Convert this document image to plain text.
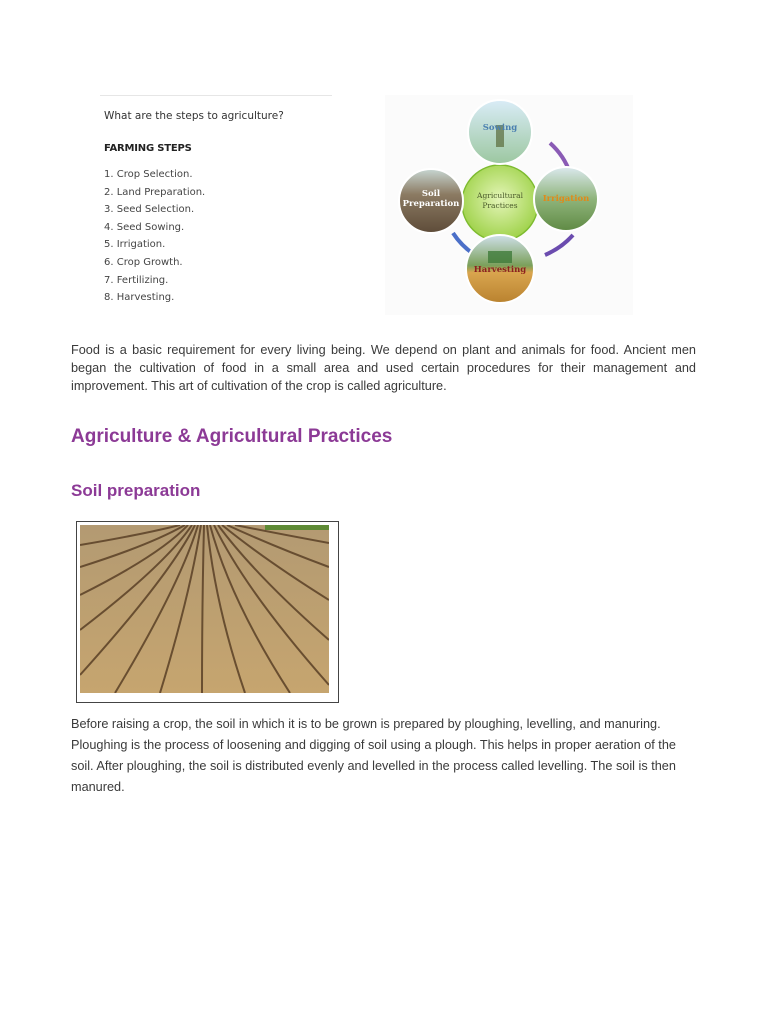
What are the steps to agriculture?
FARMING STEPS
1. Crop Selection.
2. Land Preparation.
3. Seed Selection.
4. Seed Sowing.
5. Irrigation.
6. Crop Growth.
7. Fertilizing.
8. Harvesting.
Agricultural
Practices
Sowing
Soil
Preparation	Irrigation
Harvesting

Food is a basic requirement for every living being. We depend on plant and animals for food. Ancient men began the cultivation of food in a small area and used certain procedures for their management and improvement. This art of cultivation of the crop is called agriculture.

Agriculture & Agricultural Practices
Soil preparation

Before raising a crop, the soil in which it is to be grown is prepared by ploughing, levelling, and manuring. Ploughing is the process of loosening and digging of soil using a plough. This helps in proper aeration of the soil. After ploughing, the soil is distributed evenly and levelled in the process called levelling. The soil is then manured.
